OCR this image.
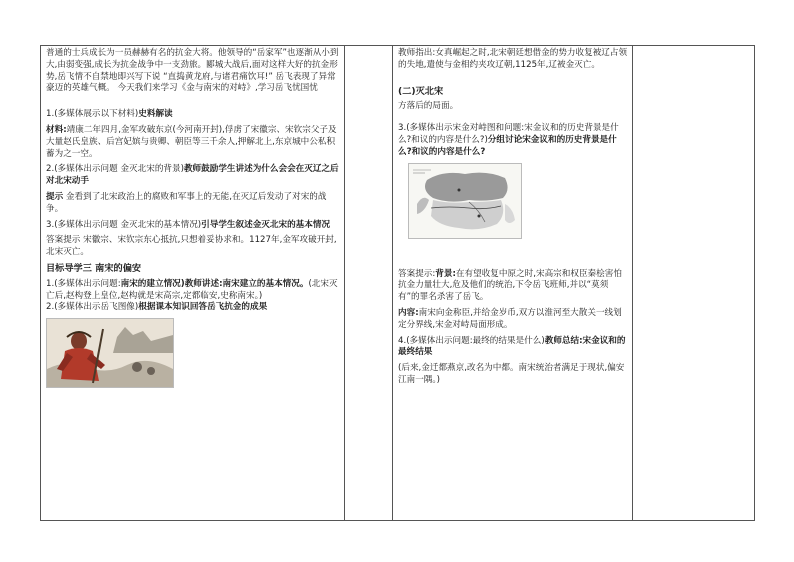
普通的士兵成长为一员赫赫有名的抗金大将。他领导的“岳家军”也逐渐从小到大,由弱变强,成长为抗金战争中一支劲旅。郾城大战后,面对这样大好的抗金形势,岳飞情不自禁地即兴写下说 “直捣黄龙府,与诸君痛饮耳!” 岳飞表现了异常豪迈的英雄气概。 今天我们来学习《金与南宋的对峙》,学习岳飞忧国忧

1.(多媒体展示以下材料)史料解读

材料:靖康二年四月,金军攻破东京(今河南开封),俘虏了宋徽宗、宋钦宗父子及大量赵氏皇族、后宫妃嫔与贵卿、朝臣等三千余人,押解北上,东京城中公私积蓄为之一空。

2.(多媒体出示问题 金灭北宋的背景)教师鼓励学生讲述为什么会会在灭辽之后对北宋动手

提示 金看到了北宋政治上的腐败和军事上的无能,在灭辽后发动了对宋的战争。

3.(多媒体出示问题 金灭北宋的基本情况)引导学生叙述金灭北宋的基本情况

答案提示 宋徽宗、宋钦宗东心抵抗,只想着妥协求和。1127年,金军攻破开封,北宋灭亡。

目标导学三 南宋的偏安

1.(多媒体出示问题:南宋的建立情况)教师讲述:南宋建立的基本情况。(北宋灭亡后,赵构登上皇位,赵构就是宋高宗,定都临安,史称南宋。)

2.(多媒体出示岳飞图像)根据课本知识回答岳飞抗金的成果

教师指出:女真崛起之时,北宋朝廷想借金的势力收复被辽占领的失地,遣使与金相约夹攻辽朝,1125年,辽被金灭亡。

(二)灭北宋

方落后的局面。

3.(多媒体出示宋金对峙图和问题:宋金议和的历史背景是什么?和议的内容是什么?)分组讨论宋金议和的历史背景是什么?和议的内容是什么?

答案提示:背景:在有望收复中原之时,宋高宗和权臣秦桧害怕抗金力量壮大,危及他们的统治,下令岳飞班师,并以“莫须有”的罪名杀害了岳飞。

内容:南宋向金称臣,并给金岁币,双方以淮河至大散关一线划定分界线,宋金对峙局面形成。

4.(多媒体出示问题:最终的结果是什么)教师总结:宋金议和的最终结果

(后来,金迁都燕京,改名为中都。南宋统治者满足于现状,偏安江南一隅。)
